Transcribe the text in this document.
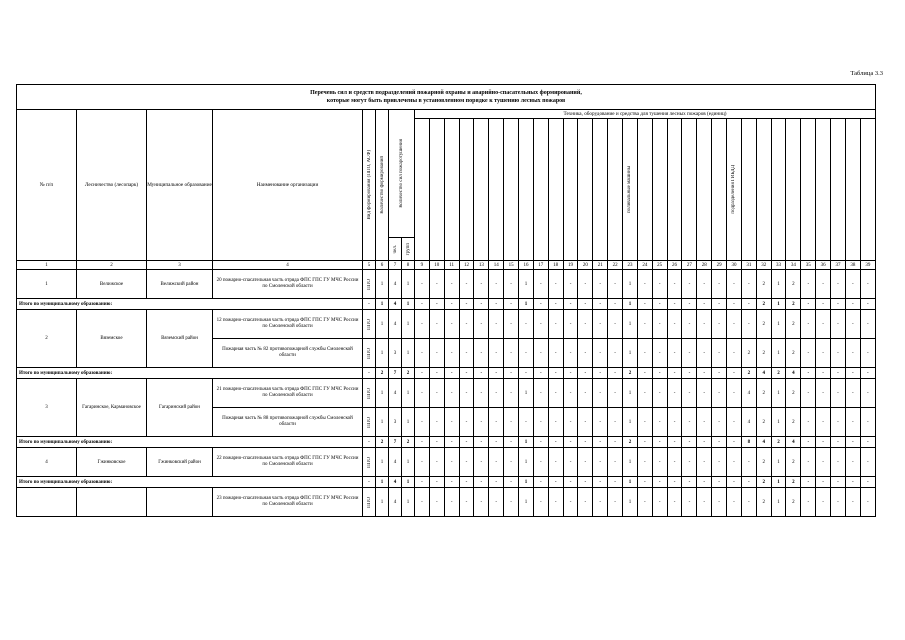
Таблица 3.3
Перечень сил и средств подразделений пожарной охраны и аварийно-спасательных формирований,
которые могут быть привлечены в установленном порядке к тушению лесных пожаров																																						

№ п/п	Лесничество (лесопарк)	Муниципальное образование	Наименование организации	Вид формирования (ППО, АСФ)	Количество формирований	Количество сил пожаротушения		Техника, оборудование и средства для тушения лесных пожаров (единиц)																														

																						поливальные машины							подразделения ГИБДД									

						чел.	групп																															

1	2	3	4	5	6	7	8	9	10	11	12	13	14	15	16	17	18	19	20	21	22	23	24	25	26	27	28	29	30	31	32	33	34	35	36	37	38	39
1	Велижское	Велижский район	20 пожарно-спасательная часть отряда ФПС ГПС ГУ МЧС России по Смоленской области	ППО	1	4	1	-	-	-	-	-	-	-	1	-	-	-	-	-	-	1	-	-	-	-	-	-	-	-	2	1	2	-	-	-	-	-
Итого по муниципальному образованию:				-	1	4	1	-	-	-	-	-	-	-	1	-	-	-	-	-	-	1	-	-	-	-	-	-	-	-	2	1	2	-	-	-	-	-
2	Вяземское	Вяземский район	12 пожарно-спасательная часть отряда ФПС ГПС ГУ МЧС России по Смоленской области	ППО	1	4	1	-	-	-	-	-	-	-	-	-	-	-	-	-	-	1	-	-	-	-	-	-	-	-	2	1	2	-	-	-	-	-
			Пожарная часть № 82 противопожарной службы Смоленской области	ППО	1	3	1	-	-	-	-	-	-	-	-	-	-	-	-	-	-	1	-	-	-	-	-	-	-	2	2	1	2	-	-	-	-	-
Итого по муниципальному образованию:				-	2	7	2	-	-	-	-	-	-	-	-	-	-	-	-	-	-	2	-	-	-	-	-	-	-	2	4	2	4	-	-	-	-	-
3	Гагаринское, Кармановское	Гагаринский район	21 пожарно-спасательная часть отряда ФПС ГПС ГУ МЧС России по Смоленской области	ППО	1	4	1	-	-	-	-	-	-	-	1	-	-	-	-	-	-	1	-	-	-	-	-	-	-	4	2	1	2	-	-	-	-	-
			Пожарная часть № 88 противопожарной службы Смоленской области	ППО	1	3	1	-	-	-	-	-	-	-	-	-	-	-	-	-	-	1	-	-	-	-	-	-	-	4	2	1	2	-	-	-	-	-
Итого по муниципальному образованию:				-	2	7	2	-	-	-	-	-	-	-	1	-	-	-	-	-	-	2	-	-	-	-	-	-	-	8	4	2	4	-	-	-	-	-
4	Гжинковское	Гжинковский район	22 пожарно-спасательная часть отряда ФПС ГПС ГУ МЧС России по Смоленской области	ППО	1	4	1	-	-	-	-	-	-	-	1	-	-	-	-	-	-	1	-	-	-	-	-	-	-	-	2	1	2	-	-	-	-	-
Итого по муниципальному образованию:				-	1	4	1	-	-	-	-	-	-	-	1	-	-	-	-	-	-	1	-	-	-	-	-	-	-	-	2	1	2	-	-	-	-	-
			23 пожарно-спасательная часть отряда ФПС ГПС ГУ МЧС России по Смоленской области	ППО	1	4	1	-	-	-	-	-	-	-	1	-	-	-	-	-	-	1	-	-	-	-	-	-	-	-	2	1	2	-	-	-	-	-
